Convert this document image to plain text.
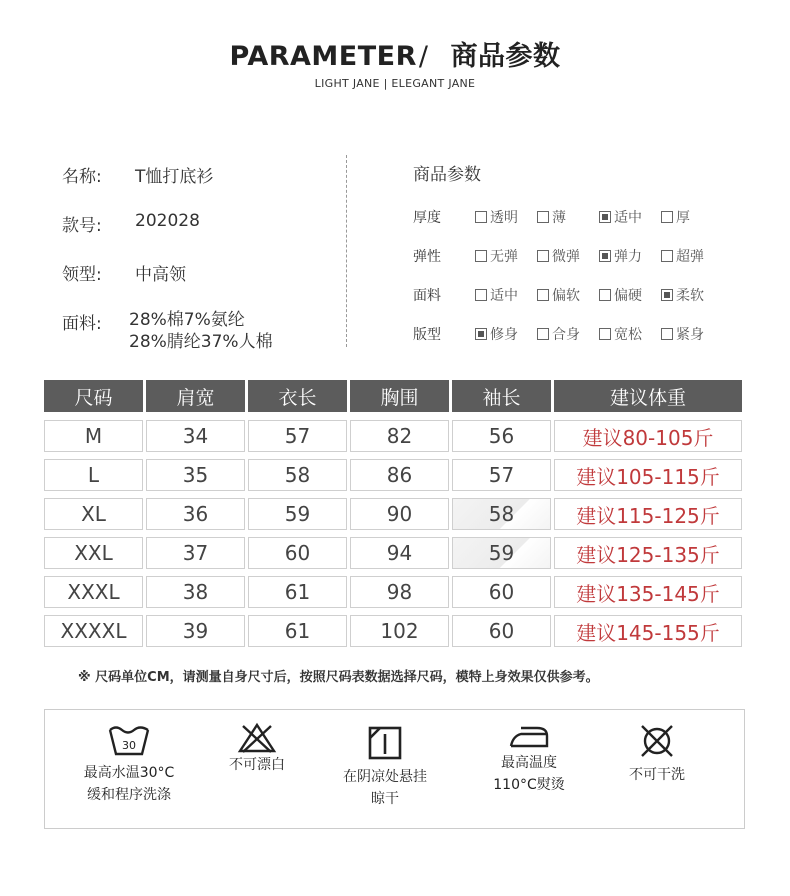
PARAMETER/ 商品参数
LIGHT JANE | ELEGANT JANE
名称:	T恤打底衫
款号:	202028
领型:	中高领
面料:	28%棉7%氨纶
28%腈纶37%人棉
商品参数
厚度	透明 薄	适中 厚
弹性	无弹 微弹 弹力 超弹
面料	适中 偏软 偏硬 柔软
版型	修身 合身 宽松 紧身
尺码	肩宽	衣长	胸围	袖长	建议体重
M	34	57	82	56	建议80-105斤
L	35	58	86	57	建议105-115斤
XL	36	59	90	58	建议115-125斤
XXL	37	60	94	59	建议125-135斤
XXXL	38	61	98	60	建议135-145斤
XXXXL	39	61	102	60	建议145-155斤
※ 尺码单位CM，请测量自身尺寸后，按照尺码表数据选择尺码，模特上身效果仅供参考。
30
最高水温30°C
缓和程序洗涤
不可漂白
在阴凉处悬挂
晾干
最高温度
110°C熨烫
不可干洗
